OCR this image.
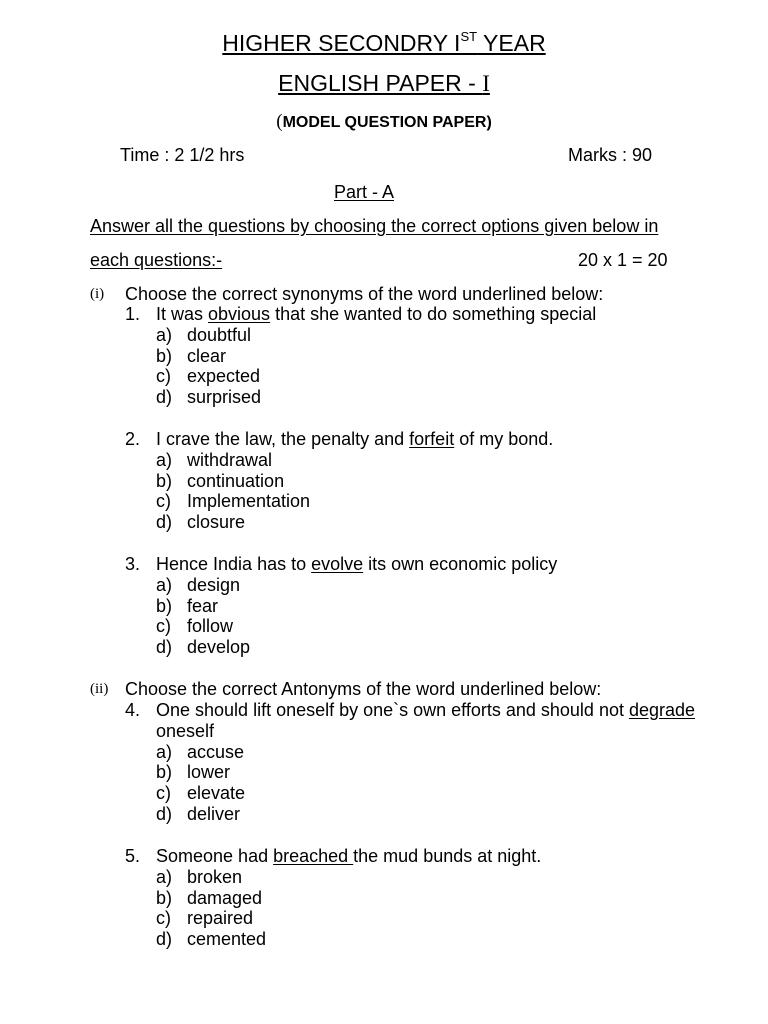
HIGHER SECONDRY IST YEAR
ENGLISH PAPER - I
(MODEL QUESTION PAPER)
Time : 2 1/2 hrs	Marks : 90
Part - A
Answer all the questions by choosing the correct options given below in
each questions:-	20 x 1 = 20
(i) Choose the correct synonyms of the word underlined below:
1. It was obvious that she wanted to do something special
a) doubtful
b) clear
c) expected
d) surprised
2. I crave the law, the penalty and forfeit of my bond.
a) withdrawal
b) continuation
c) Implementation
d) closure
3. Hence India has to evolve its own economic policy
a) design
b) fear
c) follow
d) develop
(ii) Choose the correct Antonyms of the word underlined below:
4. One should lift oneself by one`s own efforts and should not degrade
oneself
a) accuse
b) lower
c) elevate
d) deliver
5. Someone had breached the mud bunds at night.
a) broken
b) damaged
c) repaired
d) cemented
